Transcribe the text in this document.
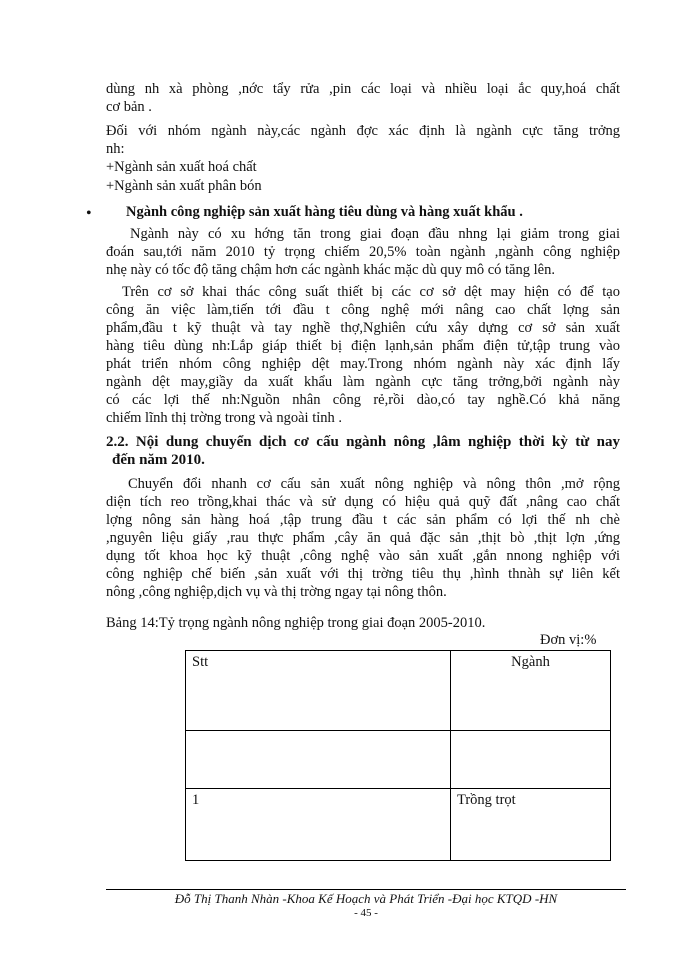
dùng nh xà phòng ,nớc tẩy rửa ,pin các loại và nhiều loại ắc quy,hoá chất
cơ bản .
Đối với nhóm ngành này,các ngành đợc xác định là ngành cực tăng trởng
nh:
+Ngành sản xuất hoá chất
+Ngành sản xuất phân bón
• Ngành công nghiệp sản xuất hàng tiêu dùng và hàng xuất khẩu .
Ngành này có xu hớng tăn trong giai đoạn đầu nhng lại giảm trong giai
đoán sau,tới năm 2010 tỷ trọng chiếm 20,5% toàn ngành ,ngành công nghiệp
nhẹ này có tốc độ tăng chậm hơn các ngành khác mặc dù quy mô có tăng lên.
Trên cơ sở khai thác công suất thiết bị các cơ sở dệt may hiện có để tạo
công ăn việc làm,tiến tới đầu t công nghệ mới nâng cao chất lợng sản
phẩm,đầu t kỹ thuật và tay nghề thợ,Nghiên cứu xây dựng cơ sở sản xuất
hàng tiêu dùng nh:Lắp giáp thiết bị điện lạnh,sản phẩm điện tử,tập trung vào
phát triển nhóm công nghiệp dệt may.Trong nhóm ngành này xác định lấy
ngành dệt may,giầy da xuất khẩu làm ngành cực tăng trởng,bởi ngành này
có các lợi thế nh:Nguồn nhân công rẻ,rồi dào,có tay nghề.Có khả năng
chiếm lĩnh thị trờng trong và ngoài tỉnh .
2.2. Nội dung chuyển dịch cơ cấu ngành nông ,lâm nghiệp thời kỳ từ nay
đến năm 2010.
Chuyển đổi nhanh cơ cấu sản xuất nông nghiệp và nông thôn ,mở rộng
diện tích reo trồng,khai thác và sử dụng có hiệu quả quỹ đất ,nâng cao chất
lợng nông sản hàng hoá ,tập trung đầu t các sản phẩm có lợi thế nh chè
,nguyên liệu giấy ,rau thực phẩm ,cây ăn quả đặc sản ,thịt bò ,thịt lợn ,ứng
dụng tốt khoa học kỹ thuật ,công nghệ vào sản xuất ,gắn nnong nghiệp với
công nghiệp chế biến ,sản xuất với thị trờng tiêu thụ ,hình thnàh sự liên kết
nông ,công nghiệp,dịch vụ và thị trờng ngay tại nông thôn.
Bảng 14:Tỷ trọng ngành nông nghiệp trong giai đoạn 2005-2010.
Đơn vị:%
Stt	Ngành

1	Trồng trọt
Đỗ Thị Thanh Nhàn -Khoa Kế Hoạch và Phát Triển -Đại học KTQD -HN
- 45 -
